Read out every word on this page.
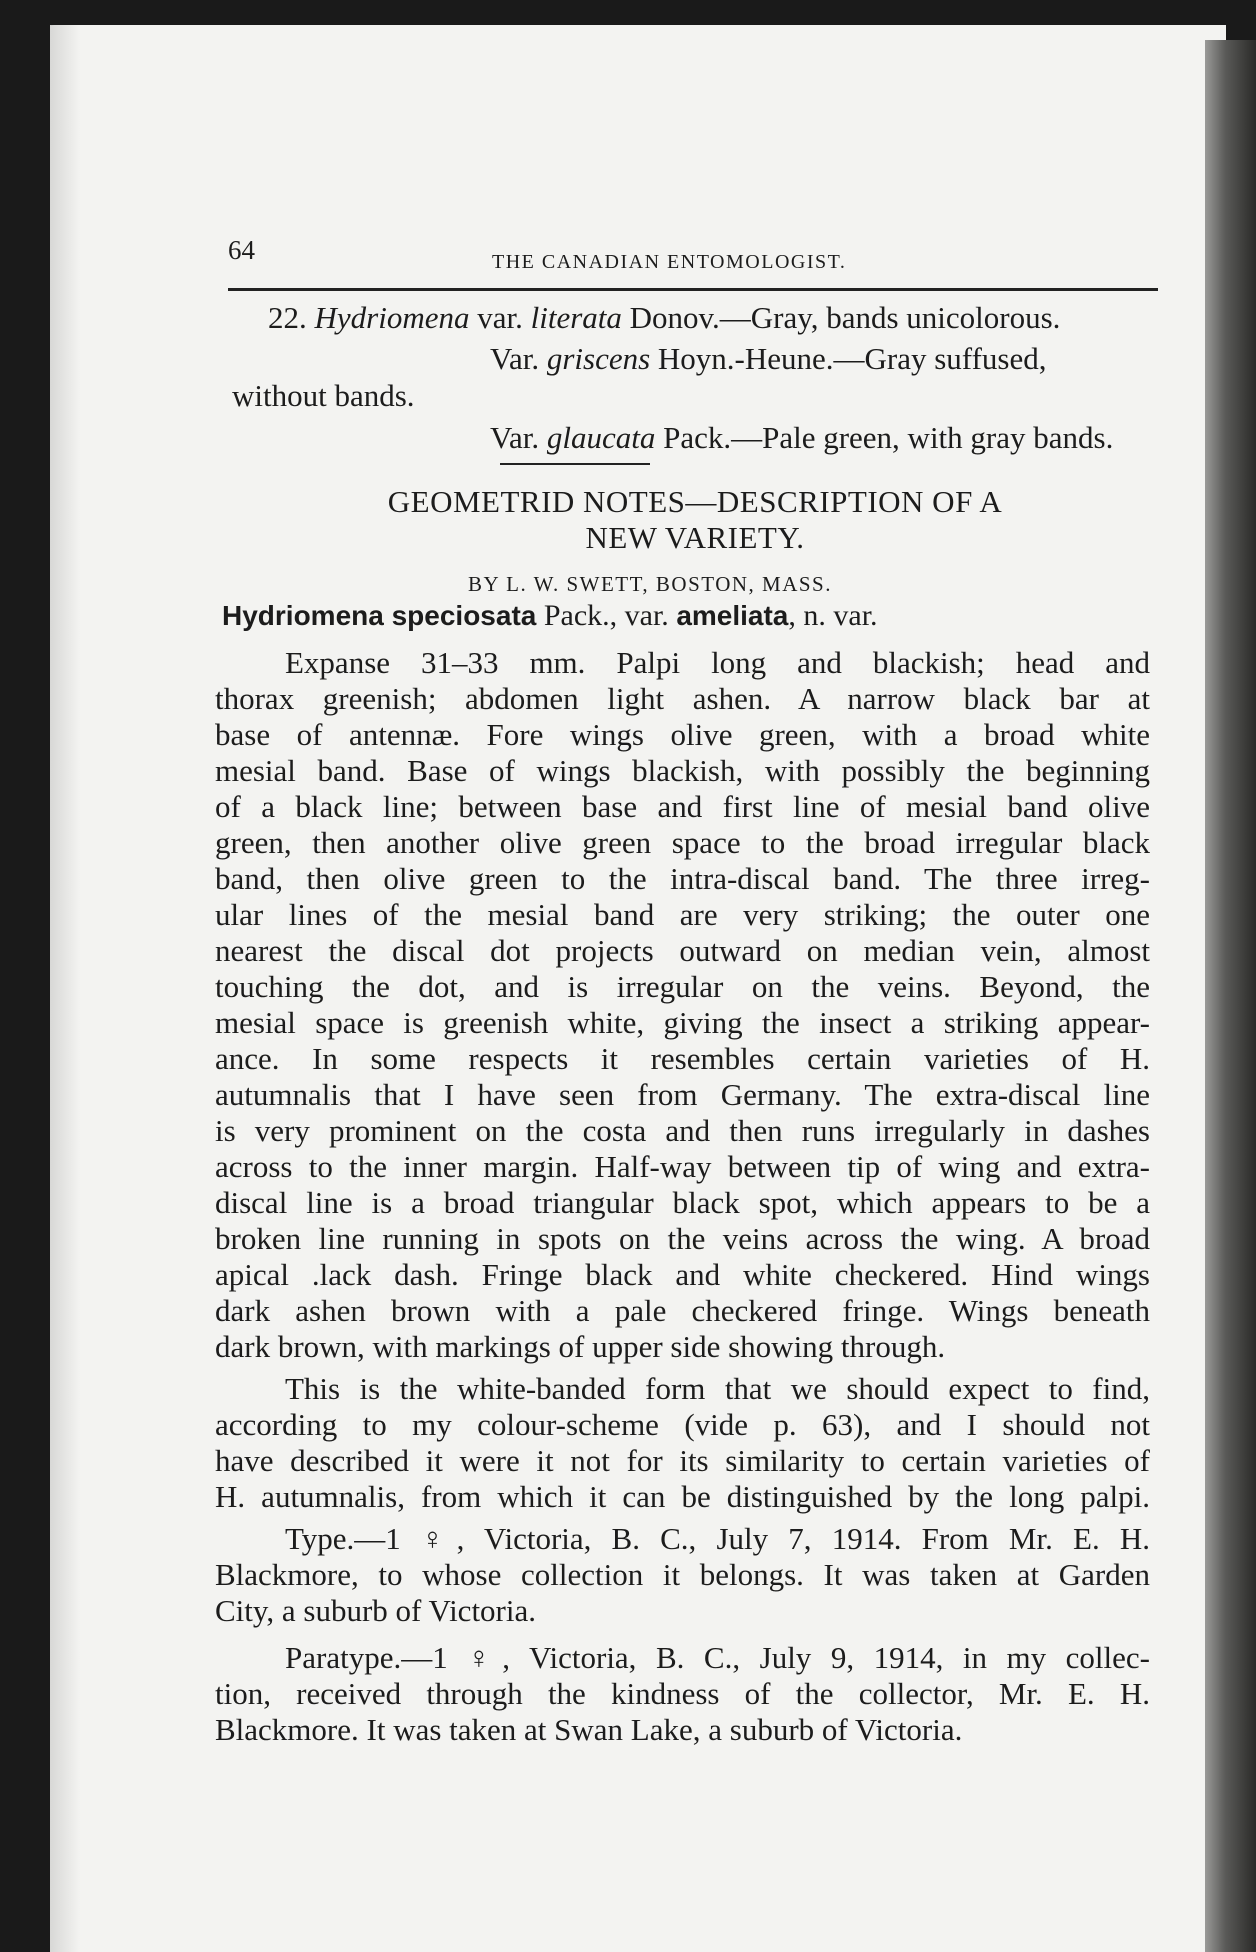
64	THE CANADIAN ENTOMOLOGIST.
22. Hydriomena var. literata Donov.—Gray, bands unicolorous.
Var. griscens Hoyn.-Heune.—Gray suffused,
without bands.
Var. glaucata Pack.—Pale green, with gray bands.
GEOMETRID NOTES—DESCRIPTION OF A
NEW VARIETY.
BY L. W. SWETT, BOSTON, MASS.
Hydriomena speciosata Pack., var. ameliata, n. var.
Expanse 31–33 mm. Palpi long and blackish; head and
thorax greenish; abdomen light ashen. A narrow black bar at
base of antennæ. Fore wings olive green, with a broad white
mesial band. Base of wings blackish, with possibly the beginning
of a black line; between base and first line of mesial band olive
green, then another olive green space to the broad irregular black
band, then olive green to the intra-discal band. The three irreg-
ular lines of the mesial band are very striking; the outer one
nearest the discal dot projects outward on median vein, almost
touching the dot, and is irregular on the veins. Beyond, the
mesial space is greenish white, giving the insect a striking appear-
ance. In some respects it resembles certain varieties of H.
autumnalis that I have seen from Germany. The extra-discal line
is very prominent on the costa and then runs irregularly in dashes
across to the inner margin. Half-way between tip of wing and extra-
discal line is a broad triangular black spot, which appears to be a
broken line running in spots on the veins across the wing. A broad
apical .lack dash. Fringe black and white checkered. Hind wings
dark ashen brown with a pale checkered fringe. Wings beneath
dark brown, with markings of upper side showing through.
This is the white-banded form that we should expect to find,
according to my colour-scheme (vide p. 63), and I should not
have described it were it not for its similarity to certain varieties of
H. autumnalis, from which it can be distinguished by the long palpi.
Type.—1 ♀, Victoria, B. C., July 7, 1914. From Mr. E. H.
Blackmore, to whose collection it belongs. It was taken at Garden
City, a suburb of Victoria.
Paratype.—1 ♀, Victoria, B. C., July 9, 1914, in my collec-
tion, received through the kindness of the collector, Mr. E. H.
Blackmore. It was taken at Swan Lake, a suburb of Victoria.
